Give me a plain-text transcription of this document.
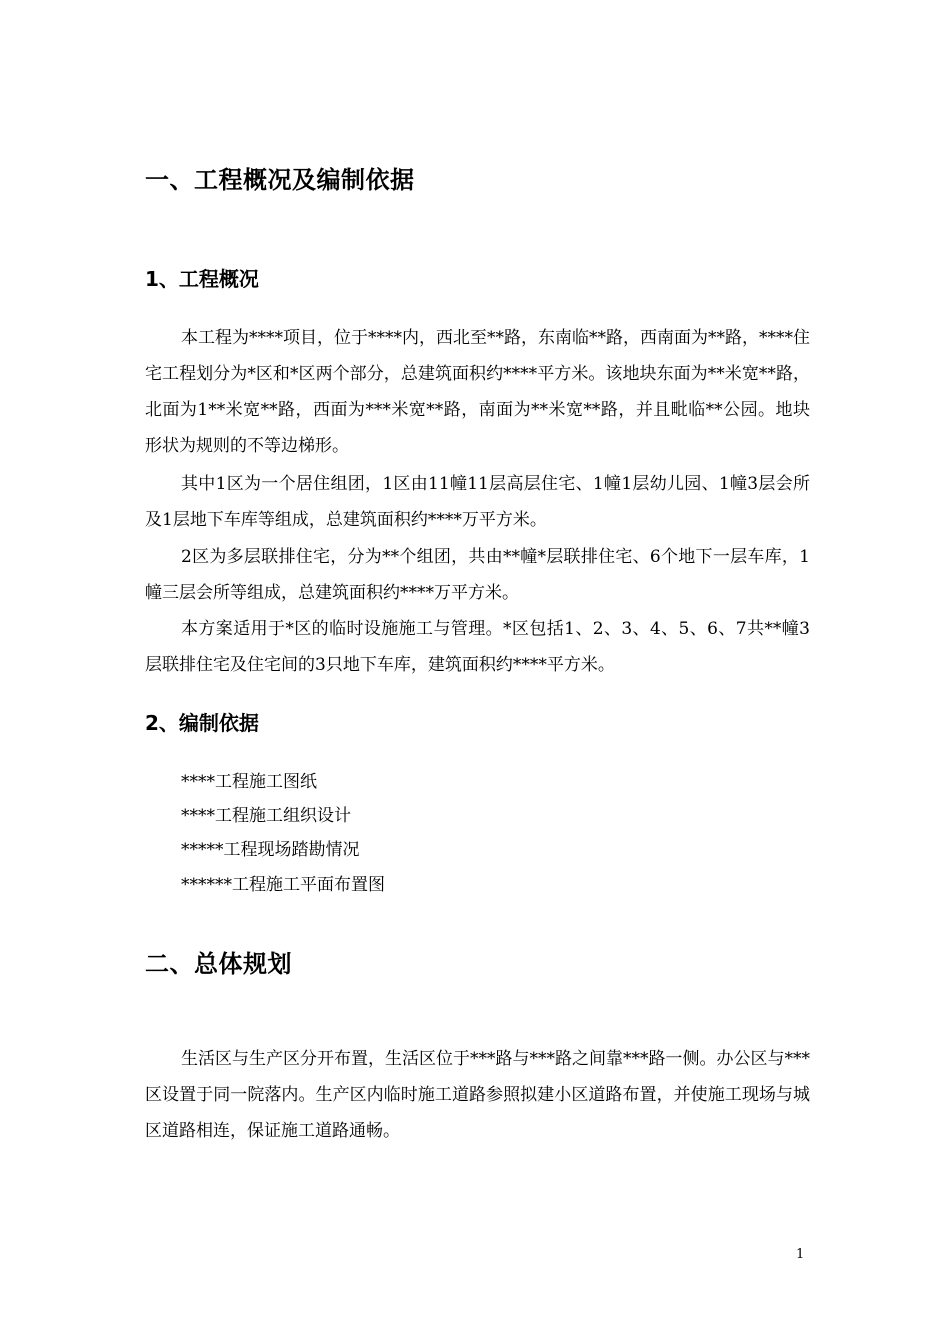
一、工程概况及编制依据
1、工程概况

本工程为****项目，位于****内，西北至**路，东南临**路，西南面为**路，****住宅工程划分为*区和*区两个部分，总建筑面积约****平方米。该地块东面为**米宽**路，北面为1**米宽**路，西面为***米宽**路，南面为**米宽**路，并且毗临**公园。地块形状为规则的不等边梯形。

其中1区为一个居住组团，1区由11幢11层高层住宅、1幢1层幼儿园、1幢3层会所及1层地下车库等组成，总建筑面积约****万平方米。

2区为多层联排住宅，分为**个组团，共由**幢*层联排住宅、6个地下一层车库，1幢三层会所等组成，总建筑面积约****万平方米。

本方案适用于*区的临时设施施工与管理。*区包括1、2、3、4、5、6、7共**幢3层联排住宅及住宅间的3只地下车库，建筑面积约****平方米。

2、编制依据

****工程施工图纸

****工程施工组织设计

*****工程现场踏勘情况

******工程施工平面布置图

二、总体规划

生活区与生产区分开布置，生活区位于***路与***路之间靠***路一侧。办公区与***区设置于同一院落内。生产区内临时施工道路参照拟建小区道路布置，并使施工现场与城区道路相连，保证施工道路通畅。

1
